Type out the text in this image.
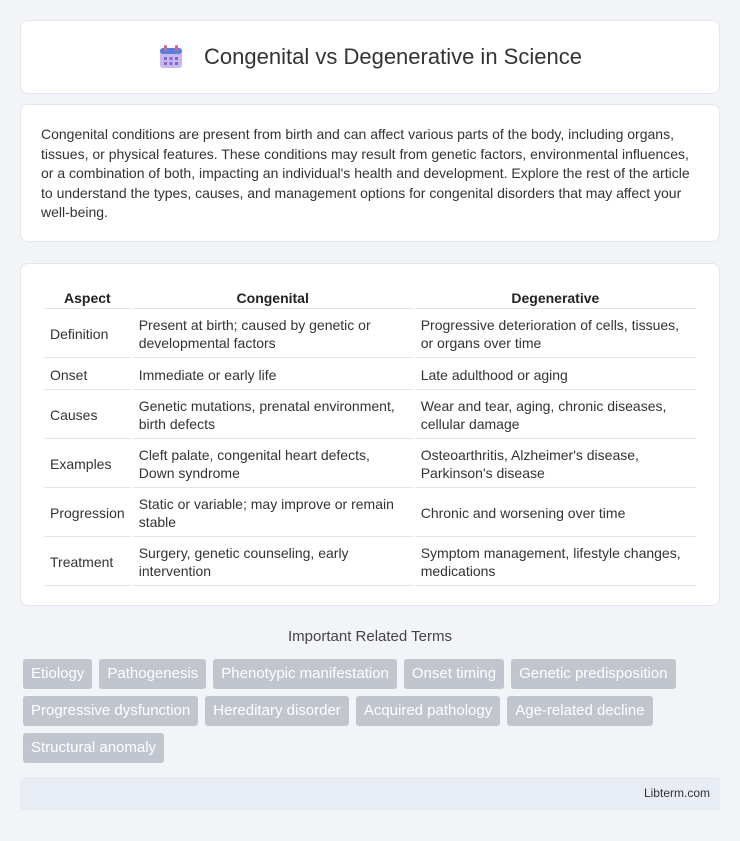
Congenital vs Degenerative in Science

Congenital conditions are present from birth and can affect various parts of the body, including organs, tissues, or physical features. These conditions may result from genetic factors, environmental influences, or a combination of both, impacting an individual's health and development. Explore the rest of the article to understand the types, causes, and management options for congenital disorders that may affect your well-being.

Aspect	Congenital	Degenerative
Definition	Present at birth; caused by genetic or developmental factors	Progressive deterioration of cells, tissues, or organs over time
Onset	Immediate or early life	Late adulthood or aging
Causes	Genetic mutations, prenatal environment, birth defects	Wear and tear, aging, chronic diseases, cellular damage
Examples	Cleft palate, congenital heart defects, Down syndrome	Osteoarthritis, Alzheimer's disease, Parkinson's disease
Progression	Static or variable; may improve or remain stable	Chronic and worsening over time
Treatment	Surgery, genetic counseling, early intervention	Symptom management, lifestyle changes, medications
Important Related Terms
Etiology	Pathogenesis	Phenotypic manifestation	Onset timing	Genetic predisposition
Progressive dysfunction	Hereditary disorder	Acquired pathology	Age-related decline
Structural anomaly
Libterm.com
